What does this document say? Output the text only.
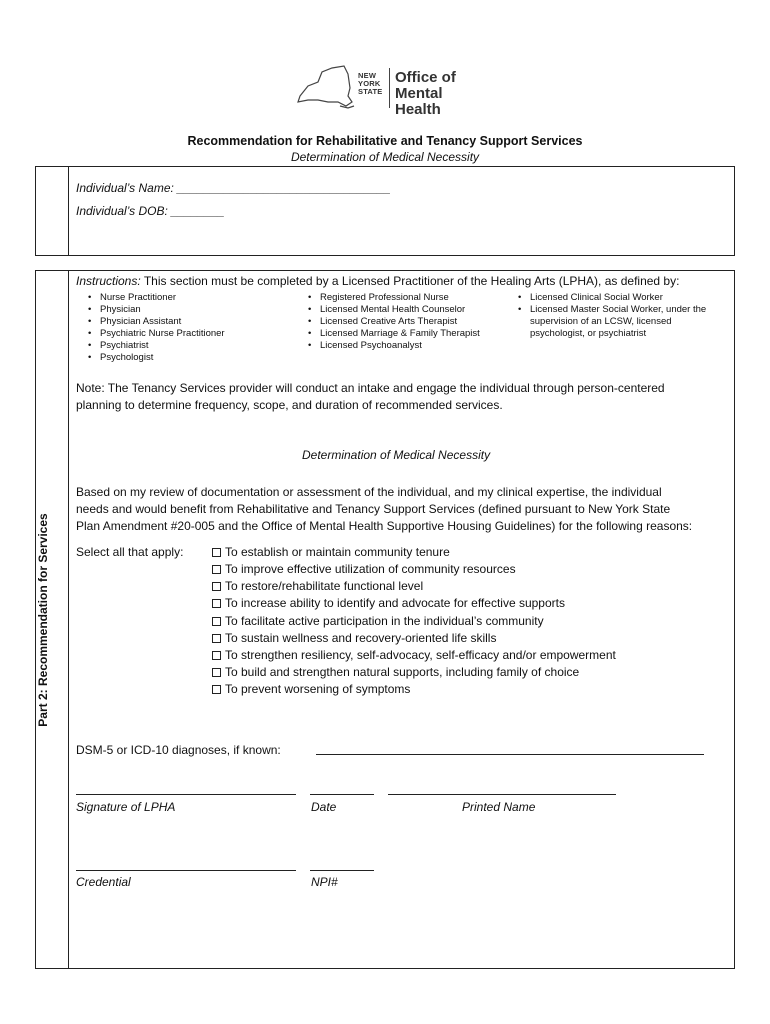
NEW
YORK
STATE
Office of
Mental Health
Recommendation for Rehabilitative and Tenancy Support Services
Determination of Medical Necessity
Individual’s Name: ________________________________
Individual’s DOB: ________
Part 2: Recommendation for Services
Instructions: This section must be completed by a Licensed Practitioner of the Healing Arts (LPHA), as defined by:
• Nurse Practitioner
• Physician
• Physician Assistant
• Psychiatric Nurse Practitioner
• Psychiatrist
• Psychologist
• Registered Professional Nurse
• Licensed Mental Health Counselor
• Licensed Creative Arts Therapist
• Licensed Marriage & Family Therapist
• Licensed Psychoanalyst
• Licensed Clinical Social Worker
• Licensed Master Social Worker, under the
supervision of an LCSW, licensed
psychologist, or psychiatrist
Note: The Tenancy Services provider will conduct an intake and engage the individual through person-centered
planning to determine frequency, scope, and duration of recommended services.
Determination of Medical Necessity
Based on my review of documentation or assessment of the individual, and my clinical expertise, the individual
needs and would benefit from Rehabilitative and Tenancy Support Services (defined pursuant to New York State
Plan Amendment #20-005 and the Office of Mental Health Supportive Housing Guidelines) for the following reasons:
Select all that apply:	To establish or maintain community tenure
To improve effective utilization of community resources
To restore/rehabilitate functional level
To increase ability to identify and advocate for effective supports
To facilitate active participation in the individual’s community
To sustain wellness and recovery-oriented life skills
To strengthen resiliency, self-advocacy, self-efficacy and/or empowerment
To build and strengthen natural supports, including family of choice
To prevent worsening of symptoms
DSM-5 or ICD-10 diagnoses, if known:
Signature of LPHA	Date	Printed Name
Credential	NPI#
